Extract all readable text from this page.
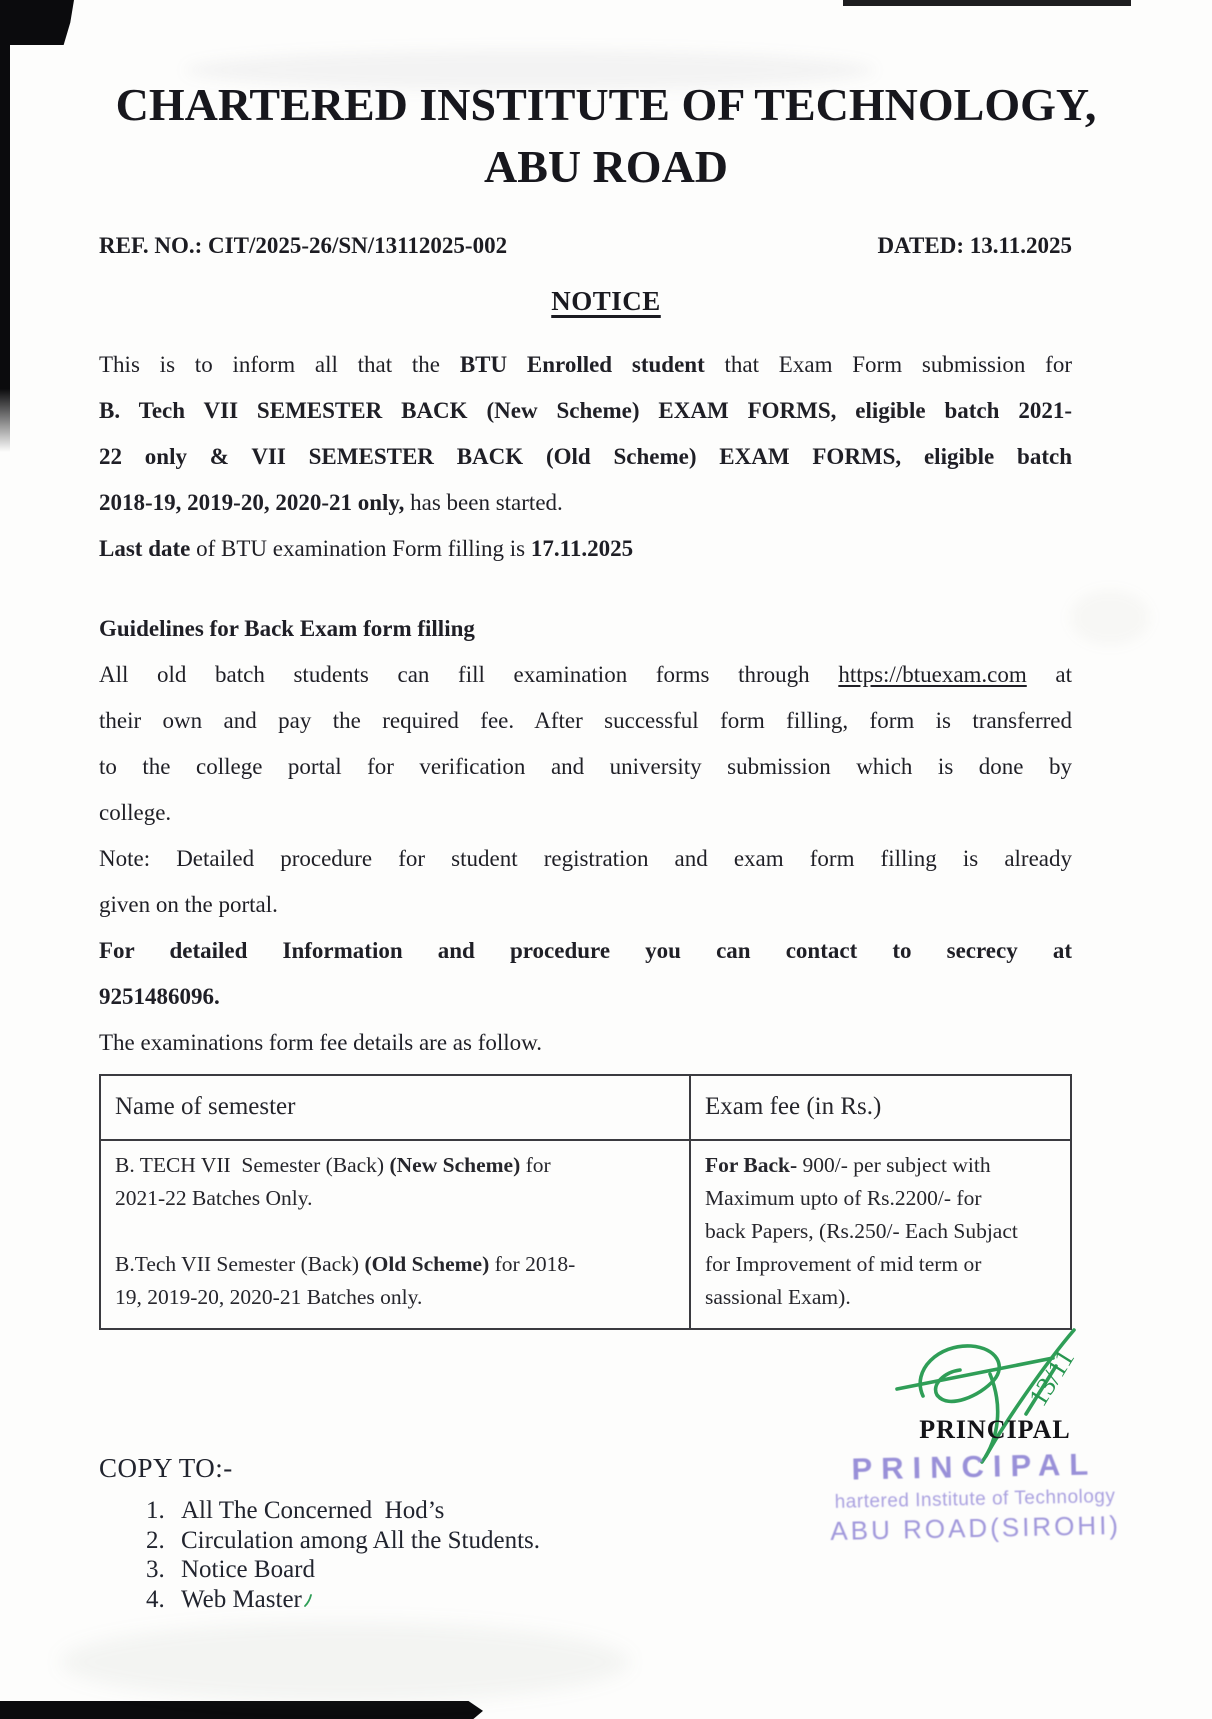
CHARTERED INSTITUTE OF TECHNOLOGY,
ABU ROAD
REF. NO.: CIT/2025-26/SN/13112025-002	DATED: 13.11.2025
NOTICE

This is to inform all that the BTU Enrolled student that Exam Form submission for
B. Tech VII SEMESTER BACK (New Scheme) EXAM FORMS, eligible batch 2021-
22 only & VII SEMESTER BACK (Old Scheme) EXAM FORMS, eligible batch
2018-19, 2019-20, 2020-21 only, has been started.
Last date of BTU examination Form filling is 17.11.2025

Guidelines for Back Exam form filling

All old batch students can fill examination forms through https://btuexam.com at
their own and pay the required fee. After successful form filling, form is transferred
to the college portal for verification and university submission which is done by
college.
Note: Detailed procedure for student registration and exam form filling is already
given on the portal.
For detailed Information and procedure you can contact to secrecy at
9251486096.
The examinations form fee details are as follow.

Name of semester	Exam fee (in Rs.)

B. TECH VII  Semester (Back) (New Scheme) for
2021-22 Batches Only.
B.Tech VII Semester (Back) (Old Scheme) for 2018-
19, 2019-20, 2020-21 Batches only.	For Back- 900/- per subject with
Maximum upto of Rs.2200/- for
back Papers, (Rs.250/- Each Subjact
for Improvement of mid term or
sassional Exam).
13/11
PRINCIPAL
PRINCIPAL
hartered Institute of Technology
ABU ROAD(SIROHI)
COPY TO:-
1. All The Concerned  Hod’s
2. Circulation among All the Students.
3. Notice Board
4. Web Master
